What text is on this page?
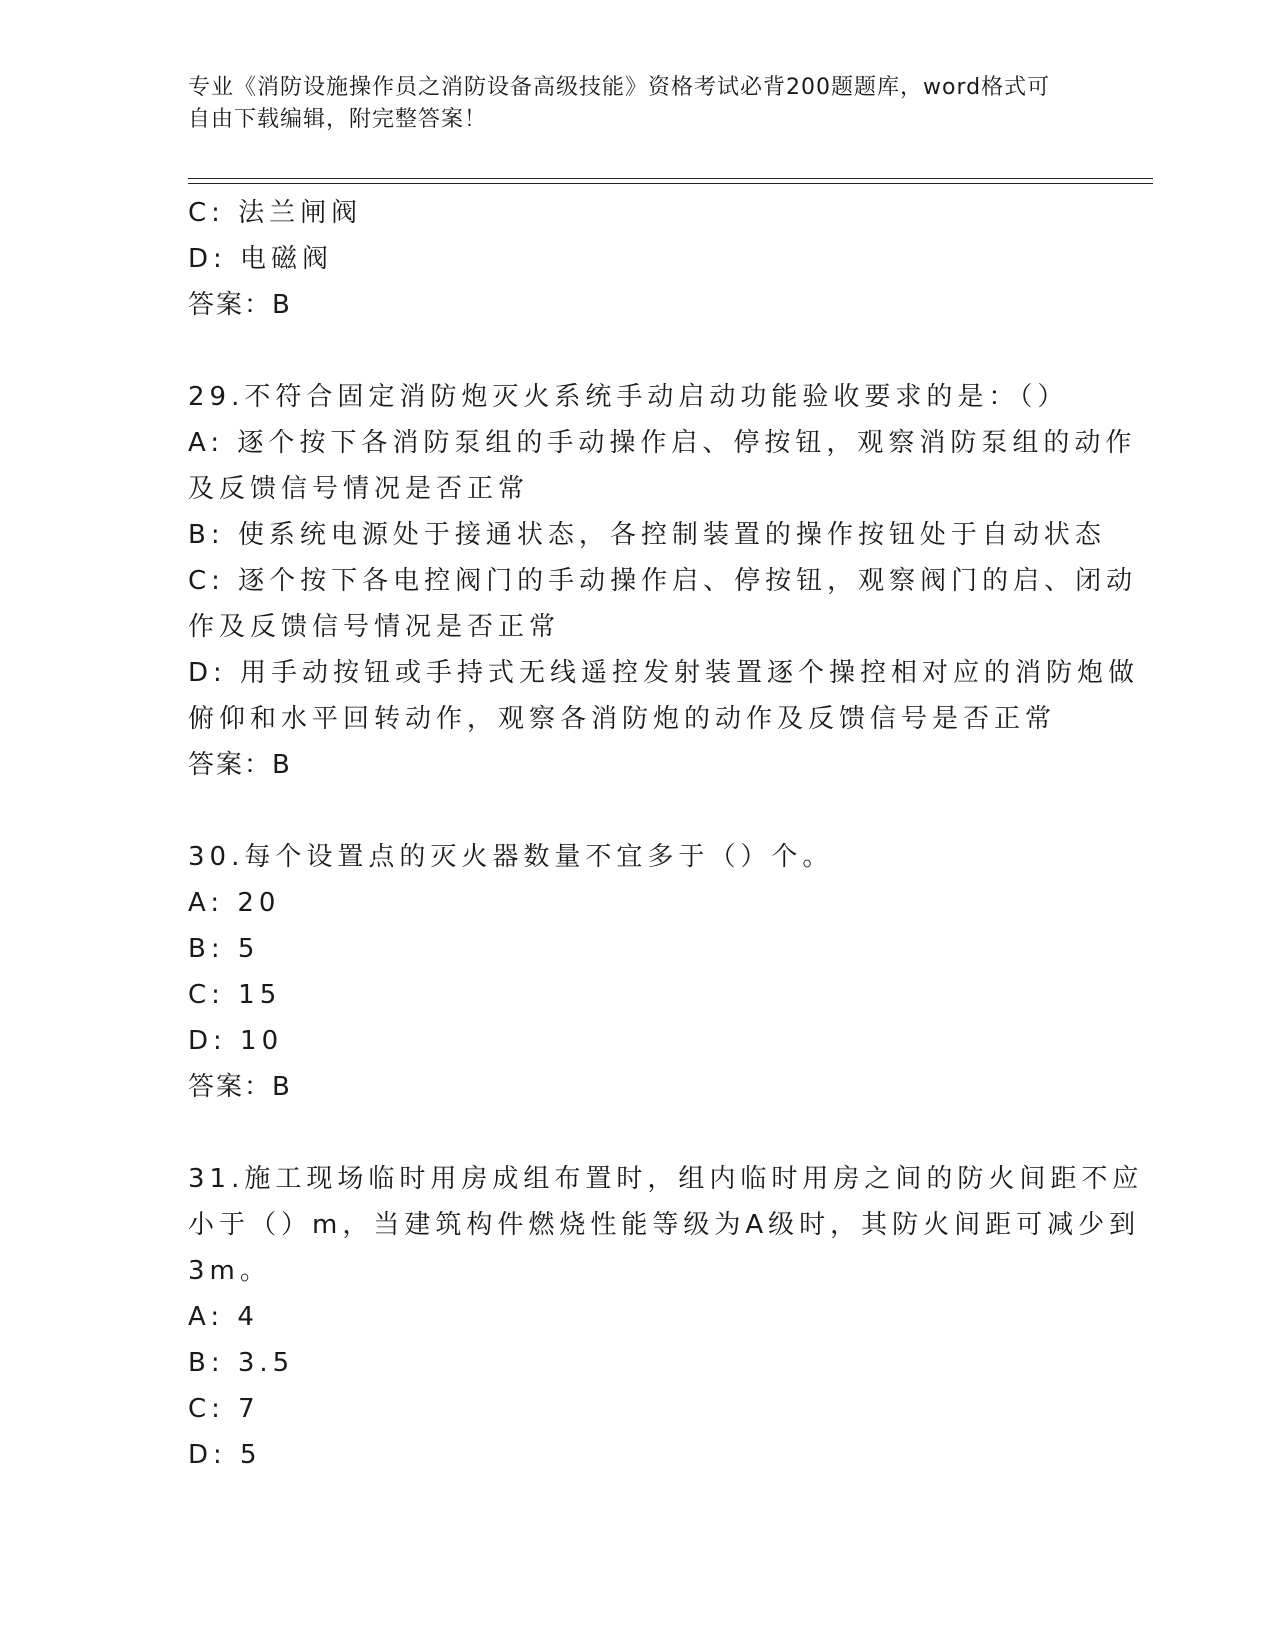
专业《消防设施操作员之消防设备高级技能》资格考试必背200题题库，word格式可自由下载编辑，附完整答案！
C: 法兰闸阀
D: 电磁阀
答案：B
29.不符合固定消防炮灭火系统手动启动功能验收要求的是：（）
A: 逐个按下各消防泵组的手动操作启、停按钮，观察消防泵组的动作
及反馈信号情况是否正常
B: 使系统电源处于接通状态，各控制装置的操作按钮处于自动状态
C: 逐个按下各电控阀门的手动操作启、停按钮，观察阀门的启、闭动
作及反馈信号情况是否正常
D: 用手动按钮或手持式无线遥控发射装置逐个操控相对应的消防炮做
俯仰和水平回转动作，观察各消防炮的动作及反馈信号是否正常
答案：B
30.每个设置点的灭火器数量不宜多于（）个。
A: 20
B: 5
C: 15
D: 10
答案：B
31.施工现场临时用房成组布置时，组内临时用房之间的防火间距不应
小于（）m，当建筑构件燃烧性能等级为A级时，其防火间距可减少到
3m。
A: 4
B: 3.5
C: 7
D: 5
